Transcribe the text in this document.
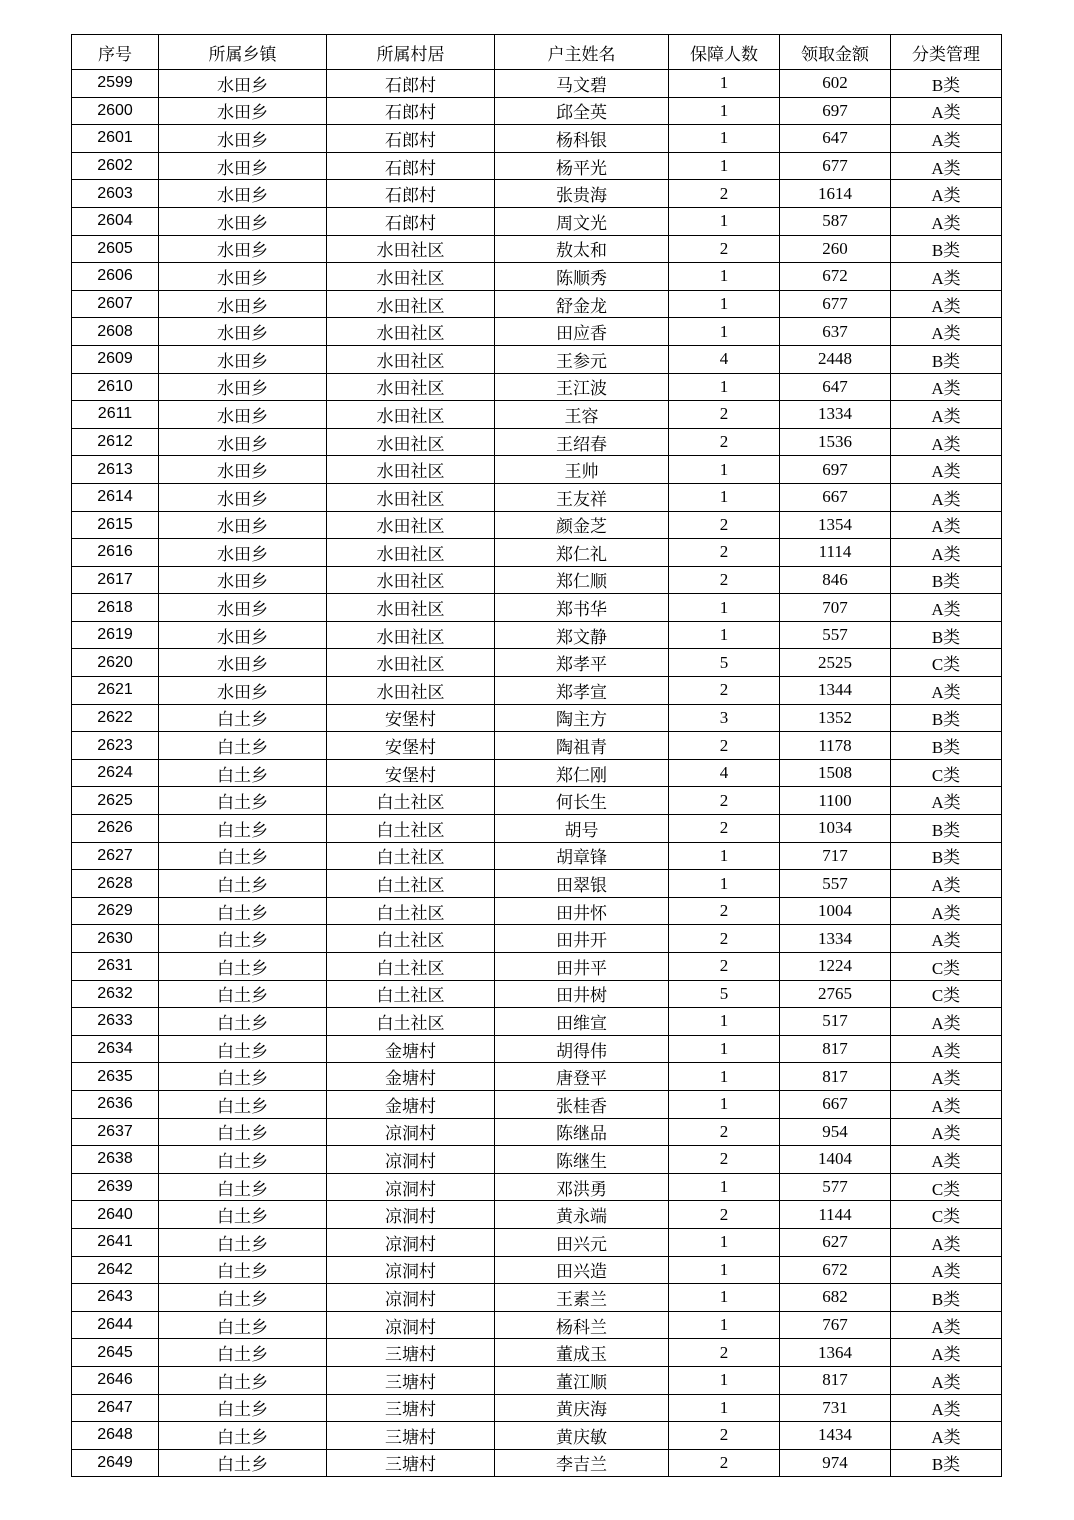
序号	所属乡镇	所属村居	户主姓名	保障人数	领取金额	分类管理
2599	水田乡	石郎村	马文碧	1	602	B类
2600	水田乡	石郎村	邱全英	1	697	A类
2601	水田乡	石郎村	杨科银	1	647	A类
2602	水田乡	石郎村	杨平光	1	677	A类
2603	水田乡	石郎村	张贵海	2	1614	A类
2604	水田乡	石郎村	周文光	1	587	A类
2605	水田乡	水田社区	敖太和	2	260	B类
2606	水田乡	水田社区	陈顺秀	1	672	A类
2607	水田乡	水田社区	舒金龙	1	677	A类
2608	水田乡	水田社区	田应香	1	637	A类
2609	水田乡	水田社区	王参元	4	2448	B类
2610	水田乡	水田社区	王江波	1	647	A类
2611	水田乡	水田社区	王容	2	1334	A类
2612	水田乡	水田社区	王绍春	2	1536	A类
2613	水田乡	水田社区	王帅	1	697	A类
2614	水田乡	水田社区	王友祥	1	667	A类
2615	水田乡	水田社区	颜金芝	2	1354	A类
2616	水田乡	水田社区	郑仁礼	2	1114	A类
2617	水田乡	水田社区	郑仁顺	2	846	B类
2618	水田乡	水田社区	郑书华	1	707	A类
2619	水田乡	水田社区	郑文静	1	557	B类
2620	水田乡	水田社区	郑孝平	5	2525	C类
2621	水田乡	水田社区	郑孝宣	2	1344	A类
2622	白土乡	安堡村	陶主方	3	1352	B类
2623	白土乡	安堡村	陶祖青	2	1178	B类
2624	白土乡	安堡村	郑仁刚	4	1508	C类
2625	白土乡	白土社区	何长生	2	1100	A类
2626	白土乡	白土社区	胡号	2	1034	B类
2627	白土乡	白土社区	胡章锋	1	717	B类
2628	白土乡	白土社区	田翠银	1	557	A类
2629	白土乡	白土社区	田井怀	2	1004	A类
2630	白土乡	白土社区	田井开	2	1334	A类
2631	白土乡	白土社区	田井平	2	1224	C类
2632	白土乡	白土社区	田井树	5	2765	C类
2633	白土乡	白土社区	田维宣	1	517	A类
2634	白土乡	金塘村	胡得伟	1	817	A类
2635	白土乡	金塘村	唐登平	1	817	A类
2636	白土乡	金塘村	张桂香	1	667	A类
2637	白土乡	凉洞村	陈继品	2	954	A类
2638	白土乡	凉洞村	陈继生	2	1404	A类
2639	白土乡	凉洞村	邓洪勇	1	577	C类
2640	白土乡	凉洞村	黄永端	2	1144	C类
2641	白土乡	凉洞村	田兴元	1	627	A类
2642	白土乡	凉洞村	田兴造	1	672	A类
2643	白土乡	凉洞村	王素兰	1	682	B类
2644	白土乡	凉洞村	杨科兰	1	767	A类
2645	白土乡	三塘村	董成玉	2	1364	A类
2646	白土乡	三塘村	董江顺	1	817	A类
2647	白土乡	三塘村	黄庆海	1	731	A类
2648	白土乡	三塘村	黄庆敏	2	1434	A类
2649	白土乡	三塘村	李吉兰	2	974	B类
